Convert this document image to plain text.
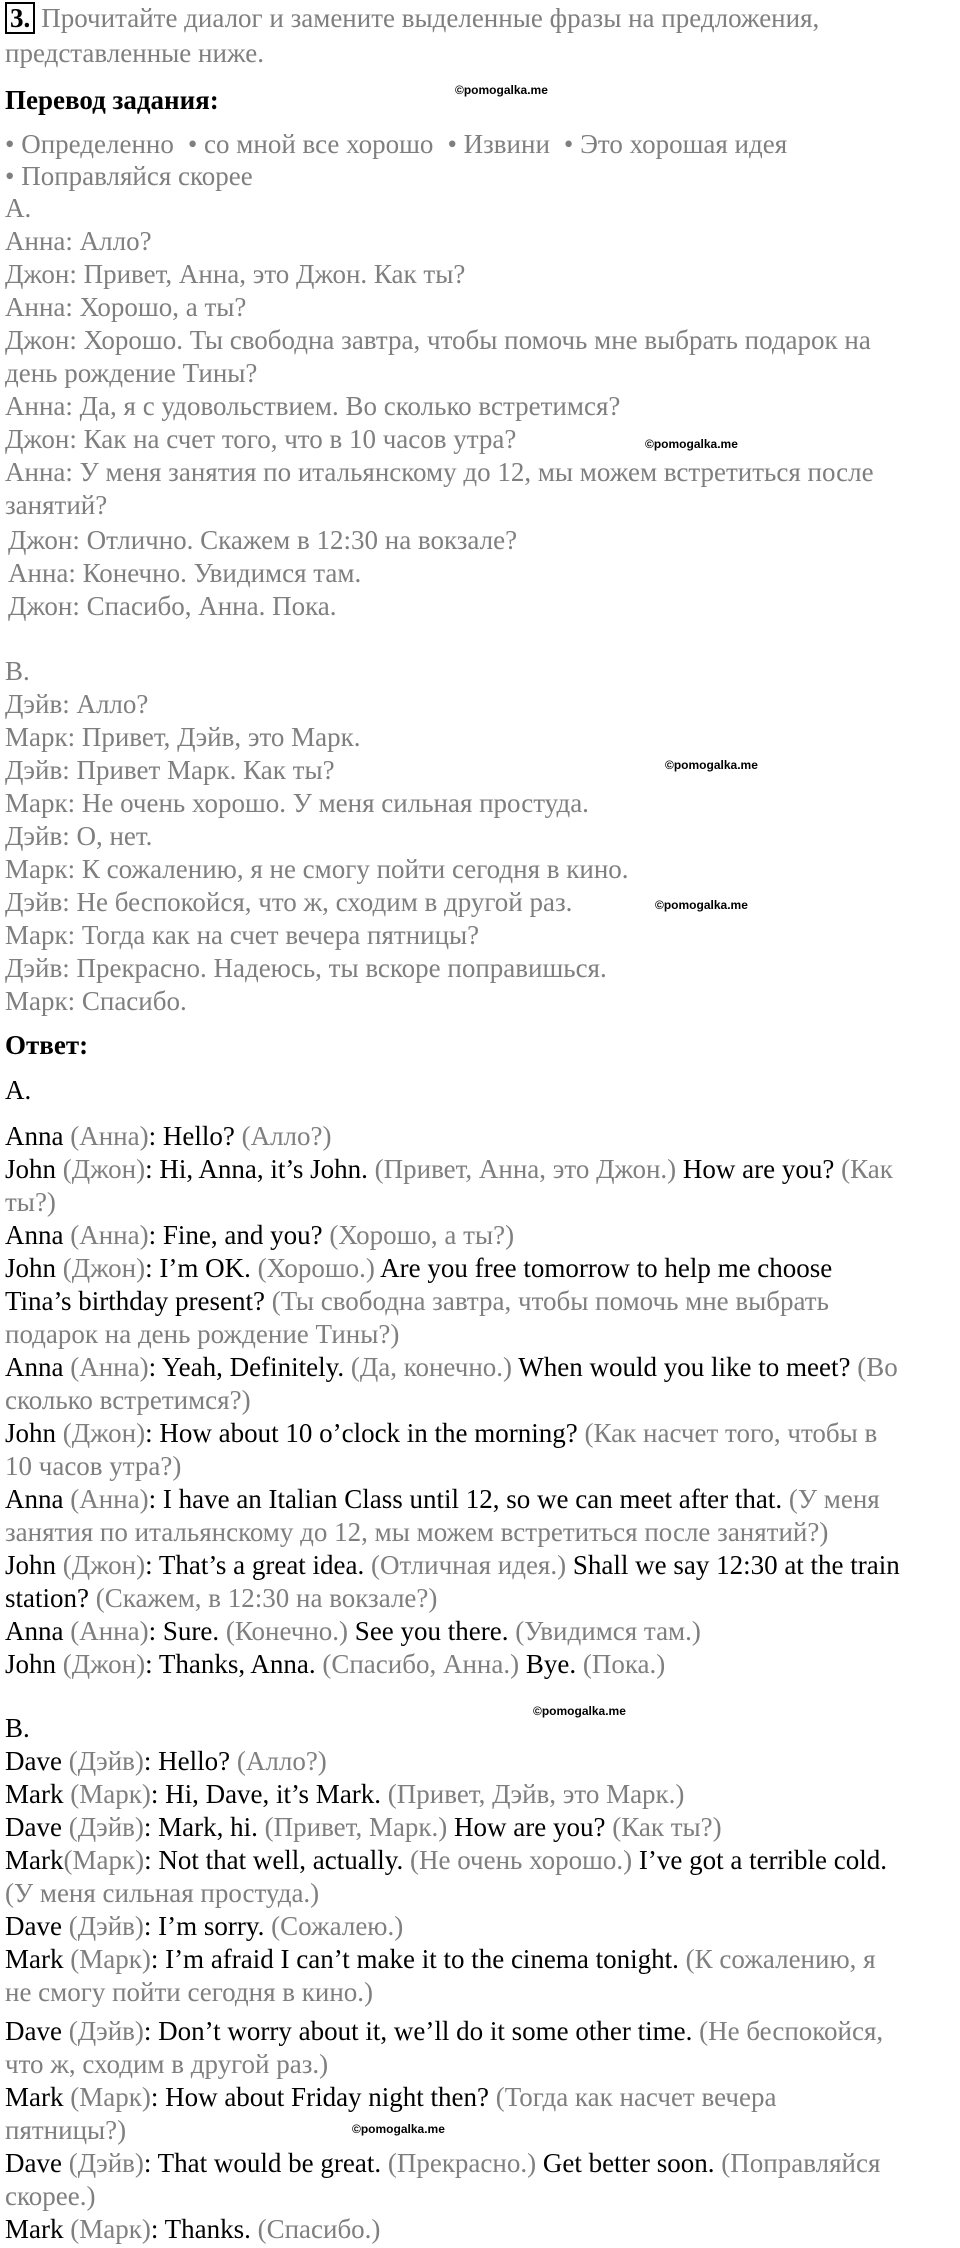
3. Прочитайте диалог и замените выделенные фразы на предложения,
представленные ниже.
Перевод задания:
• Определенно • со мной все хорошо • Извини • Это хорошая идея
• Поправляйся скорее
A.
Анна: Алло?
Джон: Привет, Анна, это Джон. Как ты?
Анна: Хорошо, а ты?
Джон: Хорошо. Ты свободна завтра, чтобы помочь мне выбрать подарок на
день рождение Тины?
Анна: Да, я с удовольствием. Во сколько встретимся?
Джон: Как на счет того, что в 10 часов утра?
Анна: У меня занятия по итальянскому до 12, мы можем встретиться после
занятий?
Джон: Отлично. Скажем в 12:30 на вокзале?
Анна: Конечно. Увидимся там.
Джон: Спасибо, Анна. Пока.
B.
Дэйв: Алло?
Марк: Привет, Дэйв, это Марк.
Дэйв: Привет Марк. Как ты?
Марк: Не очень хорошо. У меня сильная простуда.
Дэйв: О, нет.
Марк: К сожалению, я не смогу пойти сегодня в кино.
Дэйв: Не беспокойся, что ж, сходим в другой раз.
Марк: Тогда как на счет вечера пятницы?
Дэйв: Прекрасно. Надеюсь, ты вскоре поправишься.
Марк: Спасибо.
Ответ:
A.
Anna (Анна): Hello? (Алло?)
John (Джон): Hi, Anna, it’s John. (Привет, Анна, это Джон.) How are you? (Как
ты?)
Anna (Анна): Fine, and you? (Хорошо, а ты?)
John (Джон): I’m OK. (Хорошо.) Are you free tomorrow to help me choose
Tina’s birthday present? (Ты свободна завтра, чтобы помочь мне выбрать
подарок на день рождение Тины?)
Anna (Анна): Yeah, Definitely. (Да, конечно.) When would you like to meet? (Во
сколько встретимся?)
John (Джон): How about 10 o’clock in the morning? (Как насчет того, чтобы в
10 часов утра?)
Anna (Анна): I have an Italian Class until 12, so we can meet after that. (У меня
занятия по итальянскому до 12, мы можем встретиться после занятий?)
John (Джон): That’s a great idea. (Отличная идея.) Shall we say 12:30 at the train
station? (Скажем, в 12:30 на вокзале?)
Anna (Анна): Sure. (Конечно.) See you there. (Увидимся там.)
John (Джон): Thanks, Anna. (Спасибо, Анна.) Bye. (Пока.)
B.
Dave (Дэйв): Hello? (Алло?)
Mark (Марк): Hi, Dave, it’s Mark. (Привет, Дэйв, это Марк.)
Dave (Дэйв): Mark, hi. (Привет, Марк.) How are you? (Как ты?)
Mark(Марк): Not that well, actually. (Не очень хорошо.) I’ve got a terrible cold.
(У меня сильная простуда.)
Dave (Дэйв): I’m sorry. (Сожалею.)
Mark (Марк): I’m afraid I can’t make it to the cinema tonight. (К сожалению, я
не смогу пойти сегодня в кино.)
Dave (Дэйв): Don’t worry about it, we’ll do it some other time. (Не беспокойся,
что ж, сходим в другой раз.)
Mark (Марк): How about Friday night then? (Тогда как насчет вечера
пятницы?)
Dave (Дэйв): That would be great. (Прекрасно.) Get better soon. (Поправляйся
скорее.)
Mark (Марк): Thanks. (Спасибо.)
©pomogalka.me
©pomogalka.me
©pomogalka.me
©pomogalka.me
©pomogalka.me
©pomogalka.me
